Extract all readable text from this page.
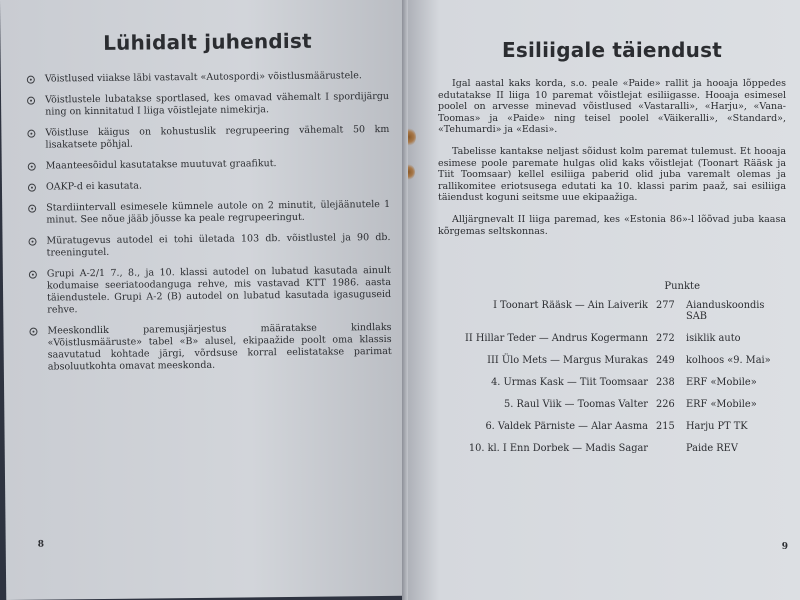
Lühidalt juhendist
Võistlused viiakse läbi vastavalt «Autospordi» võistlusmäärustele.
Võistlustele lubatakse sportlased, kes omavad vähemalt I spordijärgu ning on kinnitatud I liiga võistlejate nimekirja.
Võistluse käigus on kohustuslik regrupeering vähemalt 50 km lisakatsete põhjal.
Maanteesõidul kasutatakse muutuvat graafikut.
OAKP-d ei kasutata.
Stardiintervall esimesele kümnele autole on 2 minutit, ülejäänutele 1 minut. See nõue jääb jõusse ka peale regrupeeringut.
Müratugevus autodel ei tohi ületada 103 db. võistlustel ja 90 db. treeningutel.
Grupi A-2/1 7., 8., ja 10. klassi autodel on lubatud kasutada ainult kodumaise seeriatoodanguga rehve, mis vastavad KTT 1986. aasta täiendustele. Grupi A-2 (B) autodel on lubatud kasutada igasuguseid rehve.
Meeskondlik paremusjärjestus määratakse kindlaks «Võistlusmääruste» tabel «B» alusel, ekipaažide poolt oma klassis saavutatud kohtade järgi, võrdsuse korral eelistatakse parimat absoluutkohta omavat meeskonda.
8
Esiliigale täiendust

Igal aastal kaks korda, s.o. peale «Paide» rallit ja hooaja lõppedes edutatakse II liiga 10 paremat võistlejat esiliigasse. Hooaja esimesel poolel on arvesse minevad võistlused «Vastaralli», «Harju», «Vana-Toomas» ja «Paide» ning teisel poolel «Väikeralli», «Standard», «Tehumardi» ja «Edasi».

Tabelisse kantakse neljast sõidust kolm paremat tulemust. Et hooaja esimese poole paremate hulgas olid kaks võistlejat (Toonart Rääsk ja Tiit Toomsaar) kellel esiliiga paberid olid juba varemalt olemas ja rallikomitee eriotsusega edutati ka 10. klassi parim paaž, sai esiliiga täiendust koguni seitsme uue ekipaažiga.

Alljärgnevalt II liiga paremad, kes «Estonia 86»-l lõõvad juba kaasa kõrgemas seltskonnas.

Punkte
I Toonart Rääsk — Ain Laiverik	277	Aianduskoondis SAB
II Hillar Teder — Andrus Kogermann	272	isiklik auto
III Ülo Mets — Margus Murakas	249	kolhoos «9. Mai»
4. Urmas Kask — Tiit Toomsaar	238	ERF «Mobile»
5. Raul Viik — Toomas Valter	226	ERF «Mobile»
6. Valdek Pärniste — Alar Aasma	215	Harju PT TK
10. kl. I Enn Dorbek — Madis Sagar		Paide REV
9
